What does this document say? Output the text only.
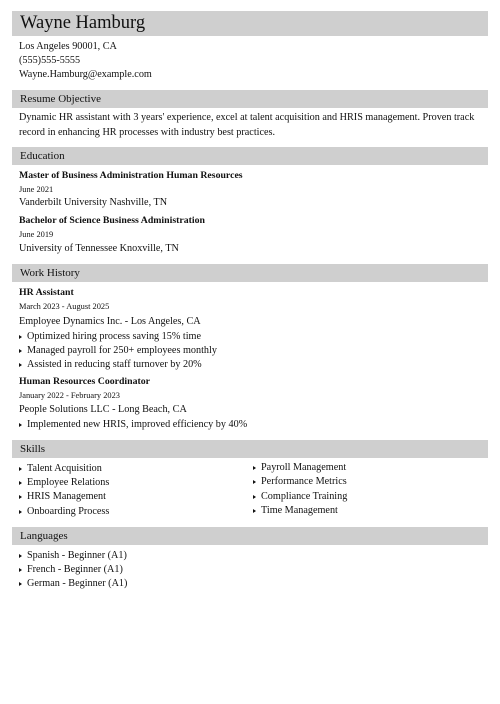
Wayne Hamburg
Los Angeles 90001, CA
(555)555-5555
Wayne.Hamburg@example.com
Resume Objective
Dynamic HR assistant with 3 years' experience, excel at talent acquisition and HRIS management. Proven track record in enhancing HR processes with industry best practices.
Education
Master of Business Administration Human Resources
June 2021
Vanderbilt University Nashville, TN
Bachelor of Science Business Administration
June 2019
University of Tennessee Knoxville, TN
Work History
HR Assistant
March 2023 - August 2025
Employee Dynamics Inc. - Los Angeles, CA
Optimized hiring process saving 15% time
Managed payroll for 250+ employees monthly
Assisted in reducing staff turnover by 20%
Human Resources Coordinator
January 2022 - February 2023
People Solutions LLC - Long Beach, CA
Implemented new HRIS, improved efficiency by 40%
Skills
Talent Acquisition
Employee Relations
HRIS Management
Onboarding Process
Payroll Management
Performance Metrics
Compliance Training
Time Management
Languages
Spanish - Beginner (A1)
French - Beginner (A1)
German - Beginner (A1)
